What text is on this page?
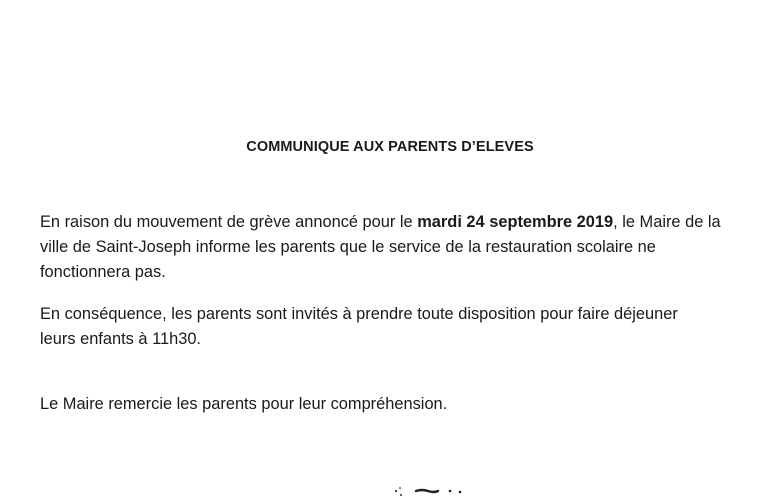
COMMUNIQUE AUX PARENTS D’ELEVES

En raison du mouvement de grève annoncé pour le mardi 24 septembre 2019, le Maire de la
ville de Saint-Joseph informe les parents que le service de la restauration scolaire ne
fonctionnera pas.

En conséquence, les parents sont invités à prendre toute disposition pour faire déjeuner
leurs enfants à 11h30.

Le Maire remercie les parents pour leur compréhension.
